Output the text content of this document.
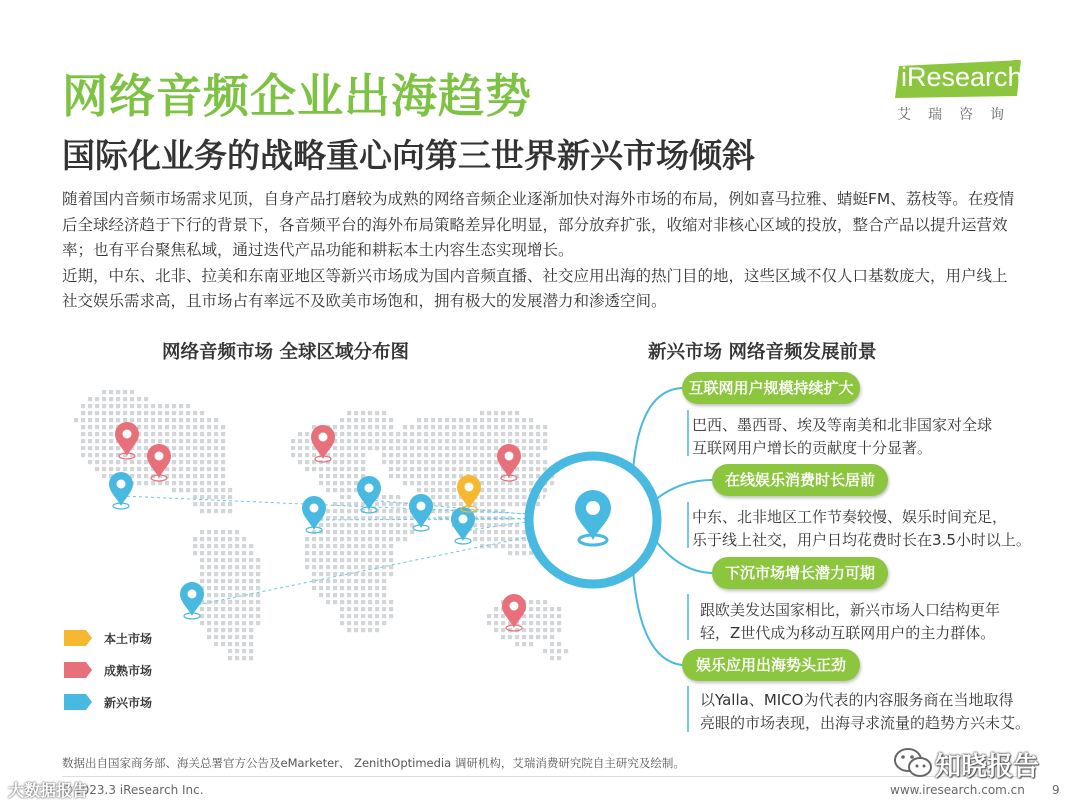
网络音频企业出海趋势
国际化业务的战略重心向第三世界新兴市场倾斜
iResearch
艾瑞咨询

随着国内音频市场需求见顶，自身产品打磨较为成熟的网络音频企业逐渐加快对海外市场的布局，例如喜马拉雅、蜻蜓FM、荔枝等。在疫情后全球经济趋于下行的背景下，各音频平台的海外布局策略差异化明显，部分放弃扩张，收缩对非核心区域的投放，整合产品以提升运营效率；也有平台聚焦私域，通过迭代产品功能和耕耘本土内容生态实现增长。

近期，中东、北非、拉美和东南亚地区等新兴市场成为国内音频直播、社交应用出海的热门目的地，这些区域不仅人口基数庞大，用户线上社交娱乐需求高，且市场占有率远不及欧美市场饱和，拥有极大的发展潜力和渗透空间。

网络音频市场 全球区域分布图	新兴市场 网络音频发展前景
本土市场
成熟市场
新兴市场
互联网用户规模持续扩大
在线娱乐消费时长居前
下沉市场增长潜力可期
娱乐应用出海势头正劲

巴西、墨西哥、埃及等南美和北非国家对全球

互联网用户增长的贡献度十分显著。

中东、北非地区工作节奏较慢、娱乐时间充足，

乐于线上社交，用户日均花费时长在3.5小时以上。

跟欧美发达国家相比，新兴市场人口结构更年

轻，Z世代成为移动互联网用户的主力群体。

以Yalla、MICO为代表的内容服务商在当地取得

亮眼的市场表现，出海寻求流量的趋势方兴未艾。

数据出自国家商务部、海关总署官方公告及eMarketer、 ZenithOptimedia 调研机构，艾瑞消费研究院自主研究及绘制。
©2023.3 iResearch Inc.	www.iresearch.com.cn 9
知晓报告
大数据报告
